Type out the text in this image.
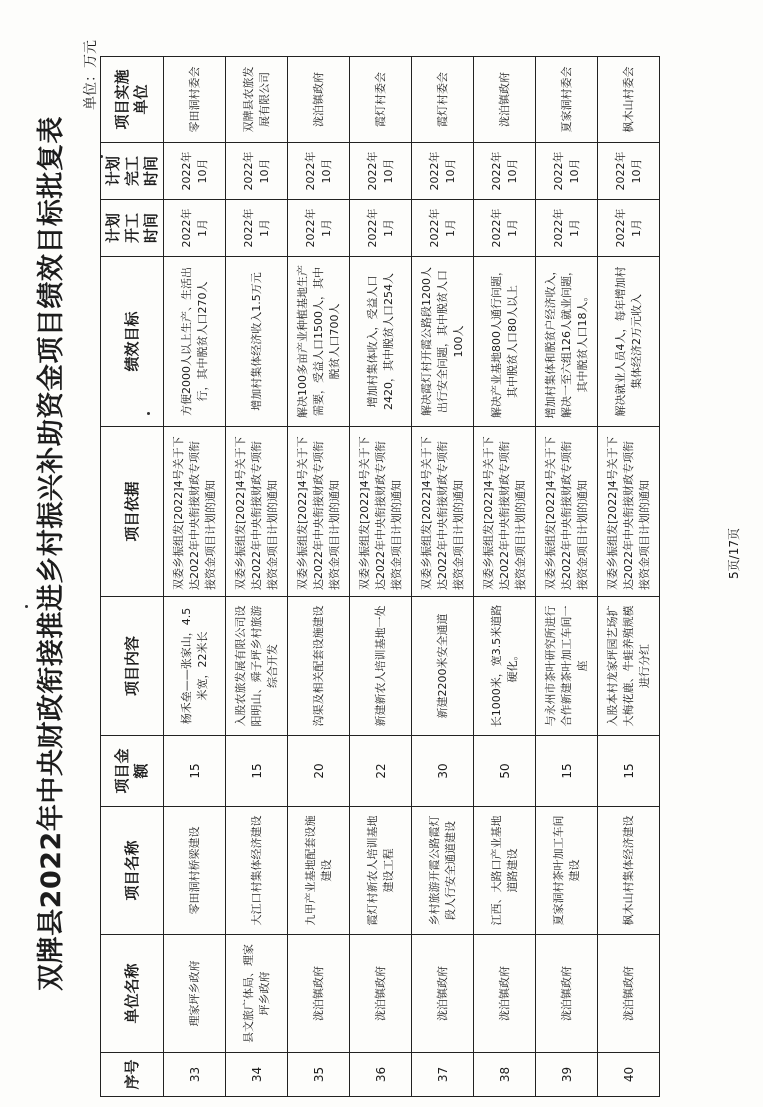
双牌县2022年中央财政衔接推进乡村振兴补助资金项目绩效目标批复表
单位：万元
序号	单位名称	项目名称	项目金额	项目内容	项目依据	绩效目标	计划开工时间	计划完工时间	项目实施单位
33	理家坪乡政府	零田洞村桥梁建设	15	杨禾垒——张家山，4.5米宽，22米长	双委乡振组发[2022]4号关于下达2022年中央衔接财政专项衔接资金项目计划的通知	方便2000人以上生产、生活出行，其中脱贫人口270人	2022年1月	2022年10月	零田洞村委会
34	县文旅广体局、理家坪乡政府	大江口村集体经济建设	15	入股农旅发展有限公司设阳明山、舜子坪乡村旅游综合开发	双委乡振组发[2022]4号关于下达2022年中央衔接财政专项衔接资金项目计划的通知	增加村集体经济收入1.5万元	2022年1月	2022年10月	双牌县农旅发展有限公司
35	泷泊镇政府	九甲产业基地配套设施建设	20	沟渠及相关配套设施建设	双委乡振组发[2022]4号关于下达2022年中央衔接财政专项衔接资金项目计划的通知	解决100多亩产业种植基地生产需要，受益人口1500人，其中脱贫人口700人	2022年1月	2022年10月	泷泊镇政府
36	泷泊镇政府	霞灯村新农人培训基地建设工程	22	新建新农人培训基地一处	双委乡振组发[2022]4号关于下达2022年中央衔接财政专项衔接资金项目计划的通知	增加村集体收入，受益人口2420，其中脱贫人口254人	2022年1月	2022年10月	霞灯村委会
37	泷泊镇政府	乡村旅游开霞公路霞灯段人行安全通道建设	30	新建2200米安全通道	双委乡振组发[2022]4号关于下达2022年中央衔接财政专项衔接资金项目计划的通知	解决霞灯村开霞公路段1200人出行安全问题，其中脱贫人口100人	2022年1月	2022年10月	霞灯村委会
38	泷泊镇政府	江西、大路口产业基地道路建设	50	长1000米，宽3.5米道路硬化。	双委乡振组发[2022]4号关于下达2022年中央衔接财政专项衔接资金项目计划的通知	解决产业基地800人通行问题，其中脱贫人口80人以上	2022年1月	2022年10月	泷泊镇政府
39	泷泊镇政府	夏家洞村茶叶加工车间建设	15	与永州市茶叶研究所进行合作新建茶叶加工车间一座	双委乡振组发[2022]4号关于下达2022年中央衔接财政专项衔接资金项目计划的通知	增加村集体和脱贫户经济收入，解决一至六组126人就业问题，其中脱贫人口18人。	2022年1月	2022年10月	夏家洞村委会
40	泷泊镇政府	枫木山村集体经济建设	15	入股本村龙家坪园艺场扩大梅花鹿、牛蛙养殖规模进行分红	双委乡振组发[2022]4号关于下达2022年中央衔接财政专项衔接资金项目计划的通知	解决就业人员4人，每年增加村集体经济2万元收入	2022年1月	2022年10月	枫木山村委会
5页/17页
